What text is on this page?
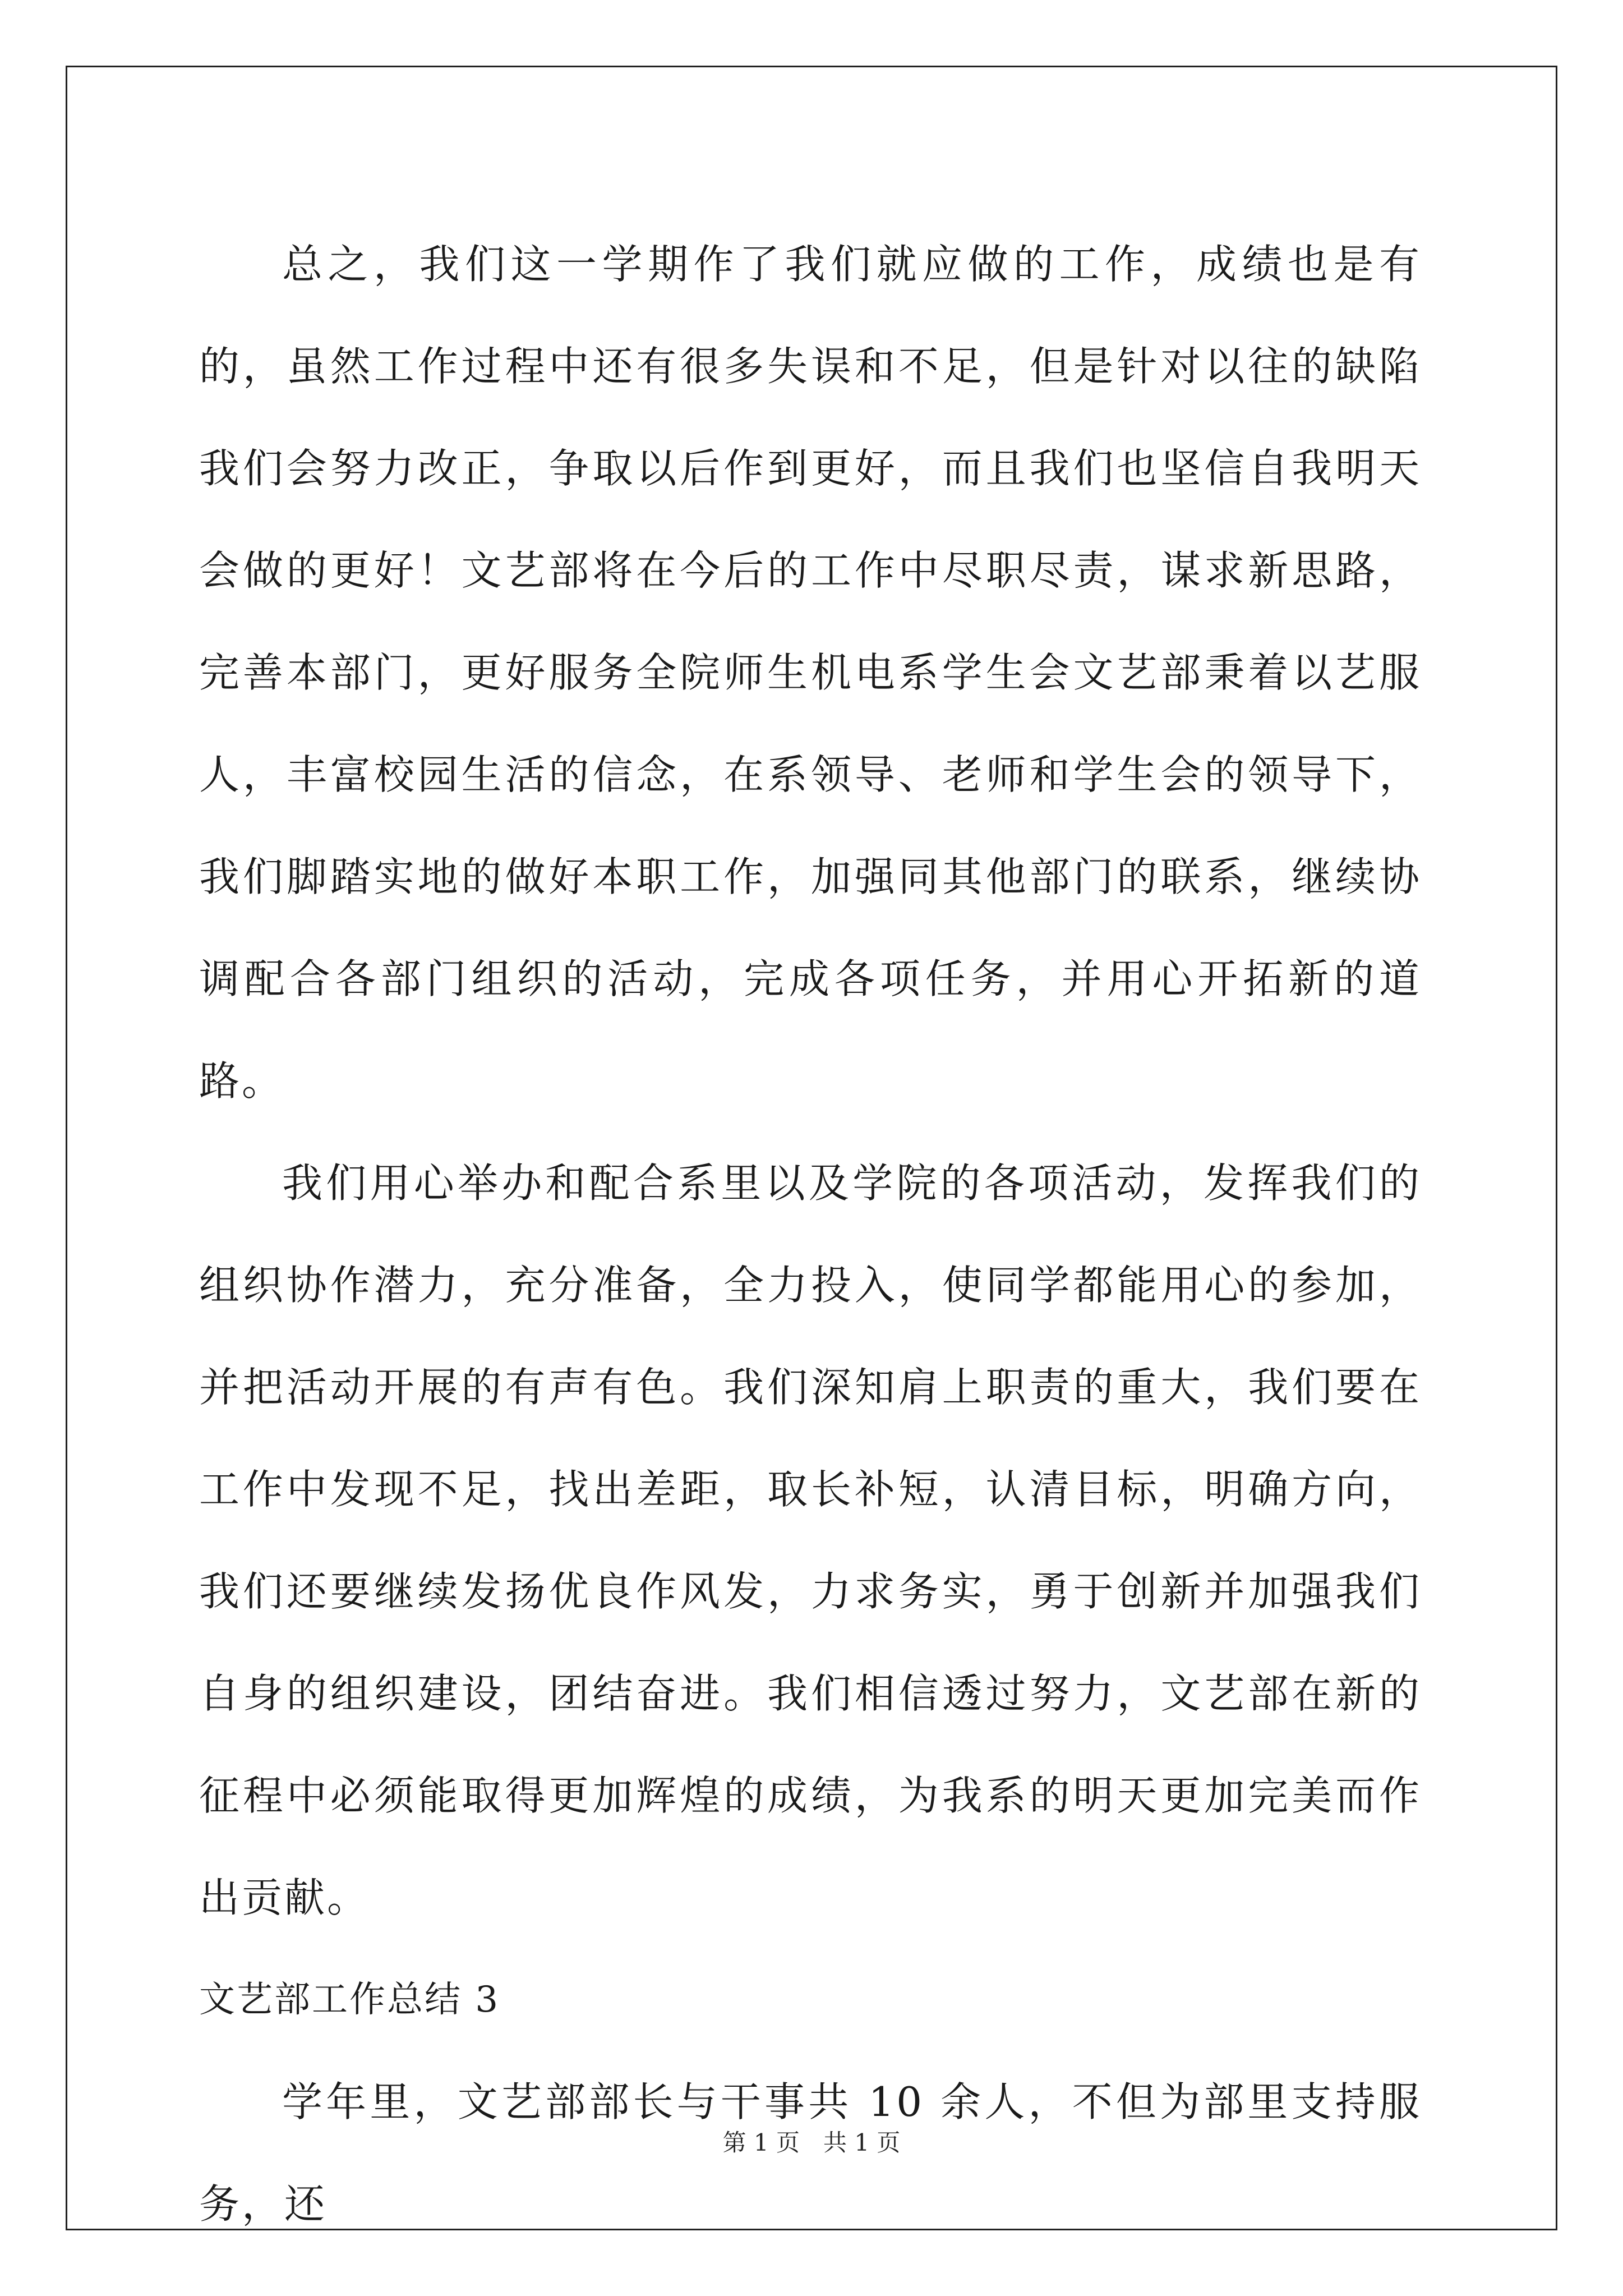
总之，我们这一学期作了我们就应做的工作，成绩也是有的，虽然工作过程中还有很多失误和不足，但是针对以往的缺陷我们会努力改正，争取以后作到更好，而且我们也坚信自我明天会做的更好！文艺部将在今后的工作中尽职尽责，谋求新思路，完善本部门，更好服务全院师生机电系学生会文艺部秉着以艺服人，丰富校园生活的信念，在系领导、老师和学生会的领导下，我们脚踏实地的做好本职工作，加强同其他部门的联系，继续协调配合各部门组织的活动，完成各项任务，并用心开拓新的道路。

我们用心举办和配合系里以及学院的各项活动，发挥我们的组织协作潜力，充分准备，全力投入，使同学都能用心的参加，并把活动开展的有声有色。我们深知肩上职责的重大，我们要在工作中发现不足，找出差距，取长补短，认清目标，明确方向，我们还要继续发扬优良作风发，力求务实，勇于创新并加强我们自身的组织建设，团结奋进。我们相信透过努力，文艺部在新的征程中必须能取得更加辉煌的成绩，为我系的明天更加完美而作出贡献。

文艺部工作总结 3

学年里，文艺部部长与干事共 10 余人，不但为部里支持服务，还

第 1 页　共 1 页
